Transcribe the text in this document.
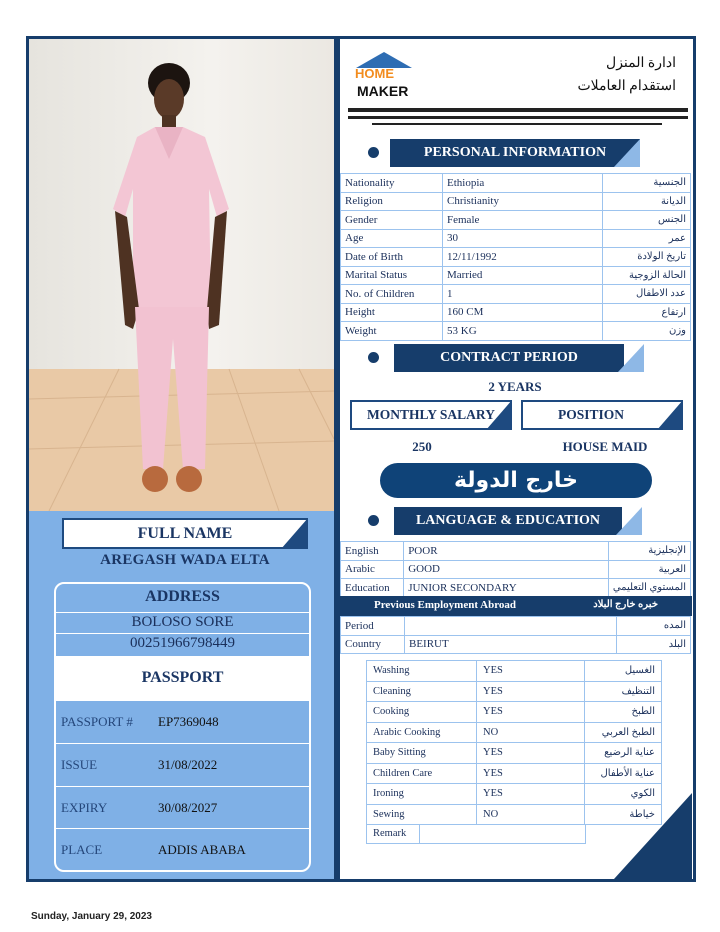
FULL NAME
AREGASH WADA ELTA
ADDRESS
BOLOSO SORE
00251966798449
PASSPORT
PASSPORT # EP7369048
ISSUE	31/08/2022
EXPIRY	30/08/2027
PLACE	ADDIS ABABA
HOME
MAKER
ادارة المنزل
استقدام العاملات
PERSONAL INFORMATION
Nationality	Ethiopia	الجنسية
Religion	Christianity	الديانة
Gender	Female	الجنس
Age	30	عمر
Date of Birth	12/11/1992	تاريخ الولادة
Marital Status	Married	الحالة الزوجية
No. of Children	1	عدد الاطفال
Height	160 CM	ارتفاع
Weight	53 KG	وزن
CONTRACT PERIOD
2 YEARS
MONTHLY SALARY	POSITION
250	HOUSE MAID
خارج الدولة
LANGUAGE & EDUCATION
English	POOR	الإنجليزية
Arabic	GOOD	العربية
Education	JUNIOR SECONDARY	المستوي التعليمي
Previous Employment Abroad	خبره خارج البلاد
Period		المده
Country	BEIRUT	البلد
Washing	YES	الغسيل
Cleaning	YES	التنظيف
Cooking	YES	الطبخ
Arabic Cooking	NO	الطبخ العربي
Baby Sitting	YES	عناية الرضيع
Children Care	YES	عناية الأطفال
Ironing	YES	الكوي
Sewing	NO	خياطة
Remark
Sunday, January 29, 2023
